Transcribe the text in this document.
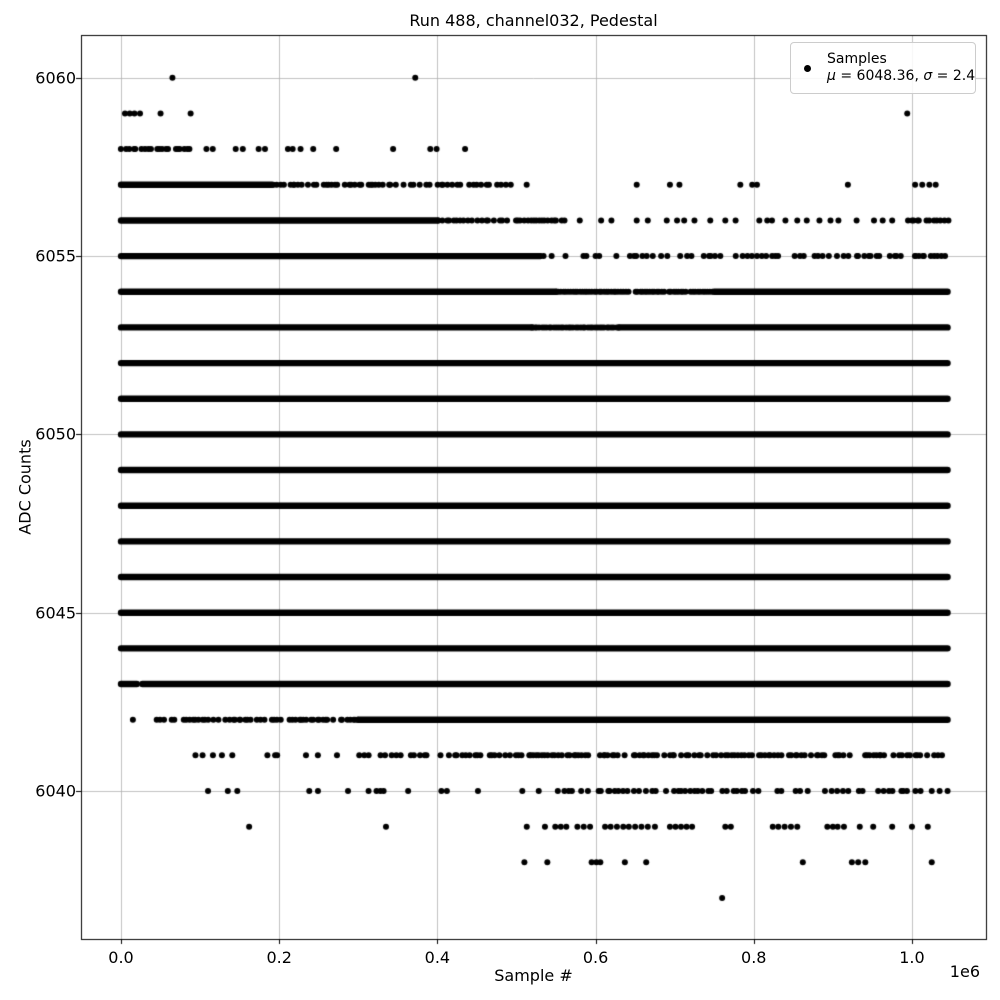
Run 488, channel032, Pedestal
0.0	0.2	0.4	0.6	0.8	1.0
6040
6045
6050
6055
6060
Sample #	1e6
ADC Counts
Samples
μ = 6048.36, σ = 2.4
